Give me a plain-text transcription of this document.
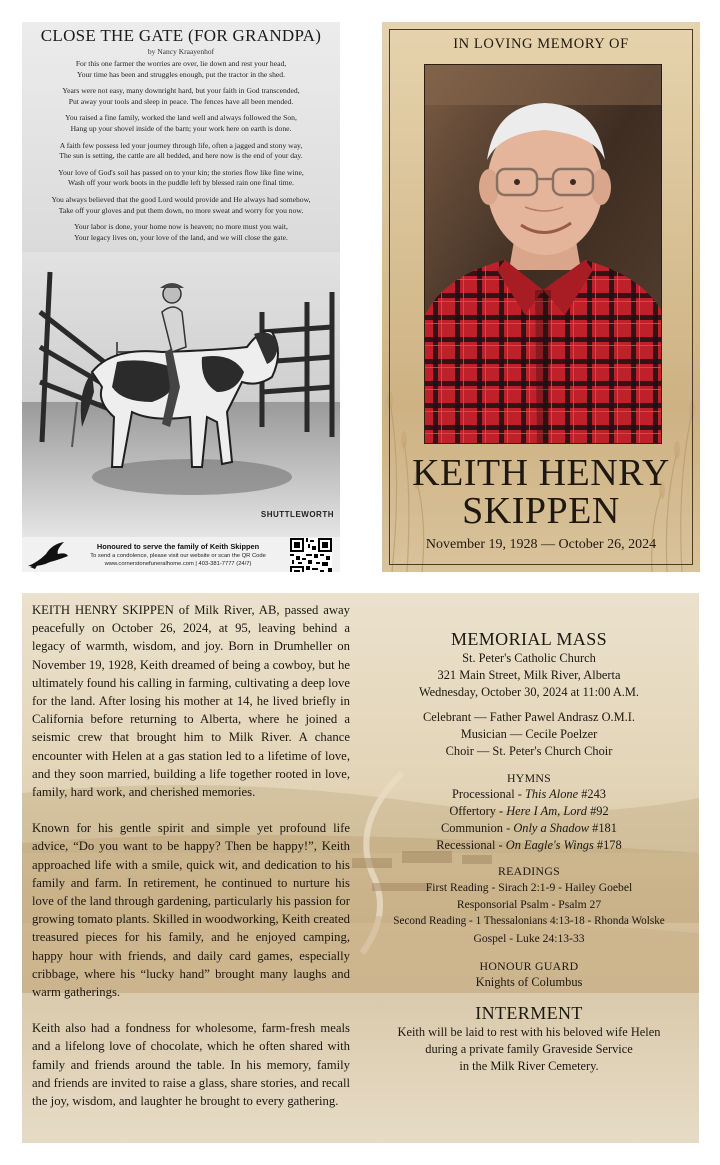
CLOSE THE GATE (FOR GRANDPA)
by Nancy Kraayenhof

For this one farmer the worries are over, lie down and rest your head,
Your time has been and struggles enough, put the tractor in the shed.

Years were not easy, many downright hard, but your faith in God transcended,
Put away your tools and sleep in peace. The fences have all been mended.

You raised a fine family, worked the land well and always followed the Son,
Hang up your shovel inside of the barn; your work here on earth is done.

A faith few possess led your journey through life, often a jagged and stony way,
The sun is setting, the cattle are all bedded, and here now is the end of your day.

Your love of God's soil has passed on to your kin; the stories flow like fine wine,
Wash off your work boots in the puddle left by blessed rain one final time.

You always believed that the good Lord would provide and He always had somehow,
Take off your gloves and put them down, no more sweat and worry for you now.

Your labor is done, your home now is heaven; no more must you wait,
Your legacy lives on, your love of the land, and we will close the gate.

SHUTTLEWORTH
Honoured to serve the family of Keith Skippen
To send a condolence, please visit our website or scan the QR Code
www.cornerstonefuneralhome.com | 403-381-7777 (24/7)
IN LOVING MEMORY OF
KEITH HENRY
SKIPPEN
November 19, 1928 — October 26, 2024

KEITH HENRY SKIPPEN of Milk River, AB, passed away peacefully on October 26, 2024, at 95, leaving behind a legacy of warmth, wisdom, and joy. Born in Drumheller on November 19, 1928, Keith dreamed of being a cowboy, but he ultimately found his calling in farming, cultivating a deep love for the land. After losing his mother at 14, he lived briefly in California before returning to Alberta, where he joined a seismic crew that brought him to Milk River. A chance encounter with Helen at a gas station led to a lifetime of love, and they soon married, building a life together rooted in love, family, hard work, and cherished memories.

Known for his gentle spirit and simple yet profound life advice, “Do you want to be happy? Then be happy!”, Keith approached life with a smile, quick wit, and dedication to his family and farm. In retirement, he continued to nurture his love of the land through gardening, particularly his passion for growing tomato plants. Skilled in woodworking, Keith created treasured pieces for his family, and he enjoyed camping, happy hour with friends, and daily card games, especially cribbage, where his “lucky hand” brought many laughs and warm gatherings.

Keith also had a fondness for wholesome, farm-fresh meals and a lifelong love of chocolate, which he often shared with family and friends around the table. In his memory, family and friends are invited to raise a glass, share stories, and recall the joy, wisdom, and laughter he brought to every gathering.

MEMORIAL MASS
St. Peter's Catholic Church
321 Main Street, Milk River, Alberta
Wednesday, October 30, 2024 at 11:00 A.M.
Celebrant — Father Pawel Andrasz O.M.I.
Musician — Cecile Poelzer
Choir — St. Peter's Church Choir
HYMNS
Processional - This Alone #243
Offertory - Here I Am, Lord #92
Communion - Only a Shadow #181
Recessional - On Eagle's Wings #178
READINGS
First Reading - Sirach 2:1-9 - Hailey Goebel
Responsorial Psalm - Psalm 27
Second Reading - 1 Thessalonians 4:13-18 - Rhonda Wolske
Gospel - Luke 24:13-33
HONOUR GUARD
Knights of Columbus
INTERMENT
Keith will be laid to rest with his beloved wife Helen
during a private family Graveside Service
in the Milk River Cemetery.
